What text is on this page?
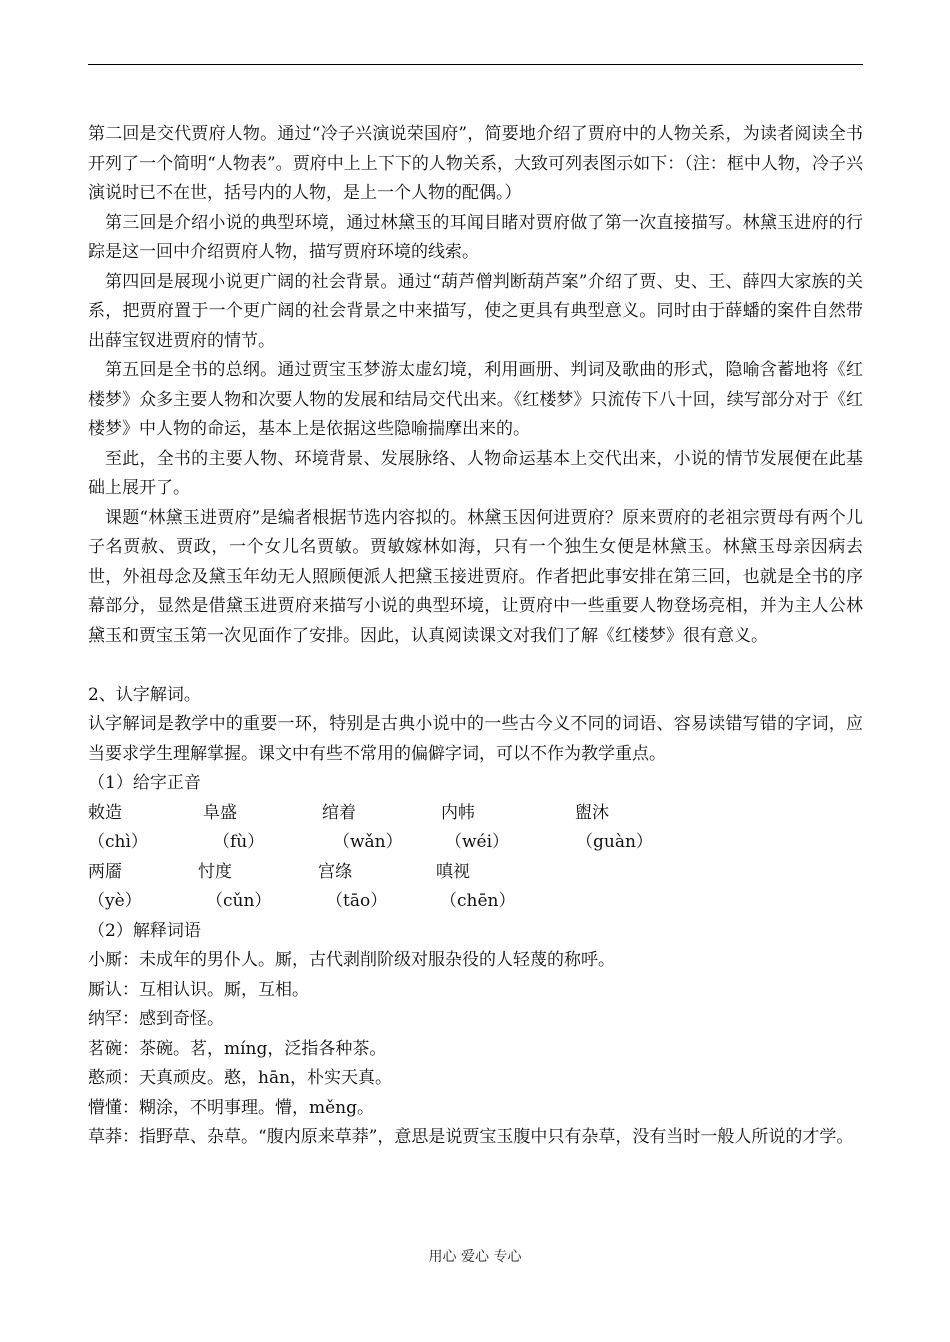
第二回是交代贾府人物。通过“冷子兴演说荣国府”，简要地介绍了贾府中的人物关系，为读者阅读全书开列了一个简明“人物表”。贾府中上上下下的人物关系，大致可列表图示如下：（注：框中人物，冷子兴演说时已不在世，括号内的人物，是上一个人物的配偶。）

第三回是介绍小说的典型环境，通过林黛玉的耳闻目睹对贾府做了第一次直接描写。林黛玉进府的行踪是这一回中介绍贾府人物，描写贾府环境的线索。

第四回是展现小说更广阔的社会背景。通过“葫芦僧判断葫芦案”介绍了贾、史、王、薛四大家族的关系，把贾府置于一个更广阔的社会背景之中来描写，使之更具有典型意义。同时由于薛蟠的案件自然带出薛宝钗进贾府的情节。

第五回是全书的总纲。通过贾宝玉梦游太虚幻境，利用画册、判词及歌曲的形式，隐喻含蓄地将《红楼梦》众多主要人物和次要人物的发展和结局交代出来。《红楼梦》只流传下八十回，续写部分对于《红楼梦》中人物的命运，基本上是依据这些隐喻揣摩出来的。

至此，全书的主要人物、环境背景、发展脉络、人物命运基本上交代出来，小说的情节发展便在此基础上展开了。

课题“林黛玉进贾府”是编者根据节选内容拟的。林黛玉因何进贾府？原来贾府的老祖宗贾母有两个儿子名贾赦、贾政，一个女儿名贾敏。贾敏嫁林如海，只有一个独生女便是林黛玉。林黛玉母亲因病去世，外祖母念及黛玉年幼无人照顾便派人把黛玉接进贾府。作者把此事安排在第三回，也就是全书的序幕部分，显然是借黛玉进贾府来描写小说的典型环境，让贾府中一些重要人物登场亮相，并为主人公林黛玉和贾宝玉第一次见面作了安排。因此，认真阅读课文对我们了解《红楼梦》很有意义。

2、认字解词。

认字解词是教学中的重要一环，特别是古典小说中的一些古今义不同的词语、容易读错写错的字词，应当要求学生理解掌握。课文中有些不常用的偏僻字词，可以不作为教学重点。

（1）给字正音

敕造	阜盛	绾着	内帏	盥沐
（chì）	（fù）	（wǎn） （wéi）	（guàn）
两靥	忖度	宫绦	嗔视
（yè）	（cǔn）	（tāo）	（chēn）

（2）解释词语

小厮：未成年的男仆人。厮，古代剥削阶级对服杂役的人轻蔑的称呼。

厮认：互相认识。厮，互相。

纳罕：感到奇怪。

茗碗：茶碗。茗，míng，泛指各种茶。

憨顽：天真顽皮。憨，hān，朴实天真。

懵懂：糊涂，不明事理。懵，měng。

草莽：指野草、杂草。“腹内原来草莽”，意思是说贾宝玉腹中只有杂草，没有当时一般人所说的才学。

用心 爱心 专心
